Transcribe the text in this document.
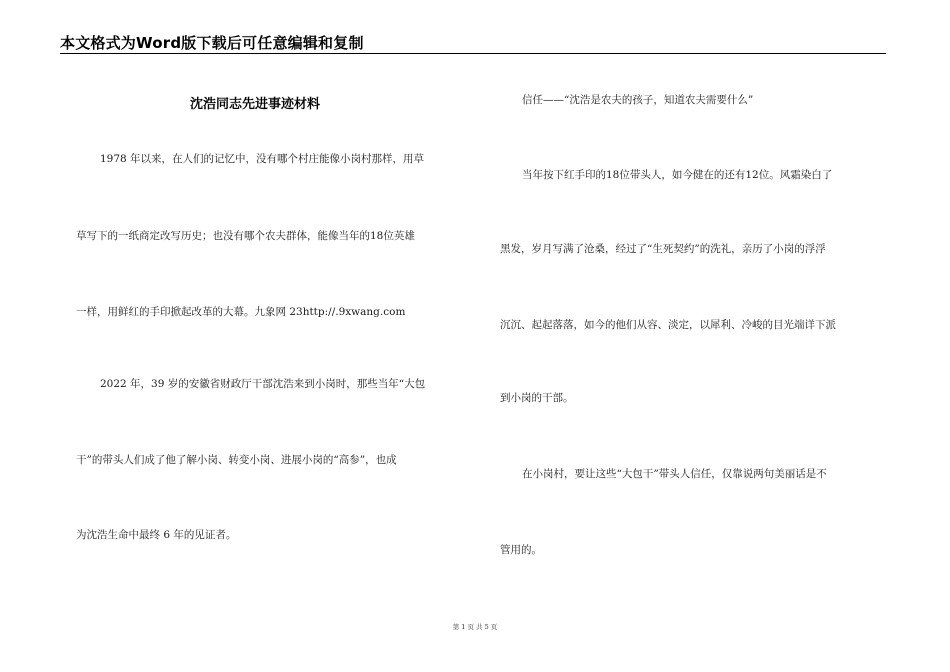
本文格式为Word版下载后可任意编辑和复制
沈浩同志先进事迹材料
1978 年以来，在人们的记忆中，没有哪个村庄能像小岗村那样，用草
草写下的一纸商定改写历史；也没有哪个农夫群体，能像当年的18位英雄
一样，用鲜红的手印掀起改革的大幕。九象网 23http://.9xwang.com
2022 年，39 岁的安徽省财政厅干部沈浩来到小岗时，那些当年“大包
干”的带头人们成了他了解小岗、转变小岗、进展小岗的“高参”，也成
为沈浩生命中最终 6 年的见证者。
信任——“沈浩是农夫的孩子，知道农夫需要什么”
当年按下红手印的18位带头人，如今健在的还有12位。风霜染白了
黑发，岁月写满了沧桑，经过了“生死契约”的洗礼，亲历了小岗的浮浮
沉沉、起起落落，如今的他们从容、淡定，以犀利、冷峻的目光端详下派
到小岗的干部。
在小岗村，要让这些“大包干”带头人信任，仅靠说两句美丽话是不
管用的。
第 1 页 共 5 页
